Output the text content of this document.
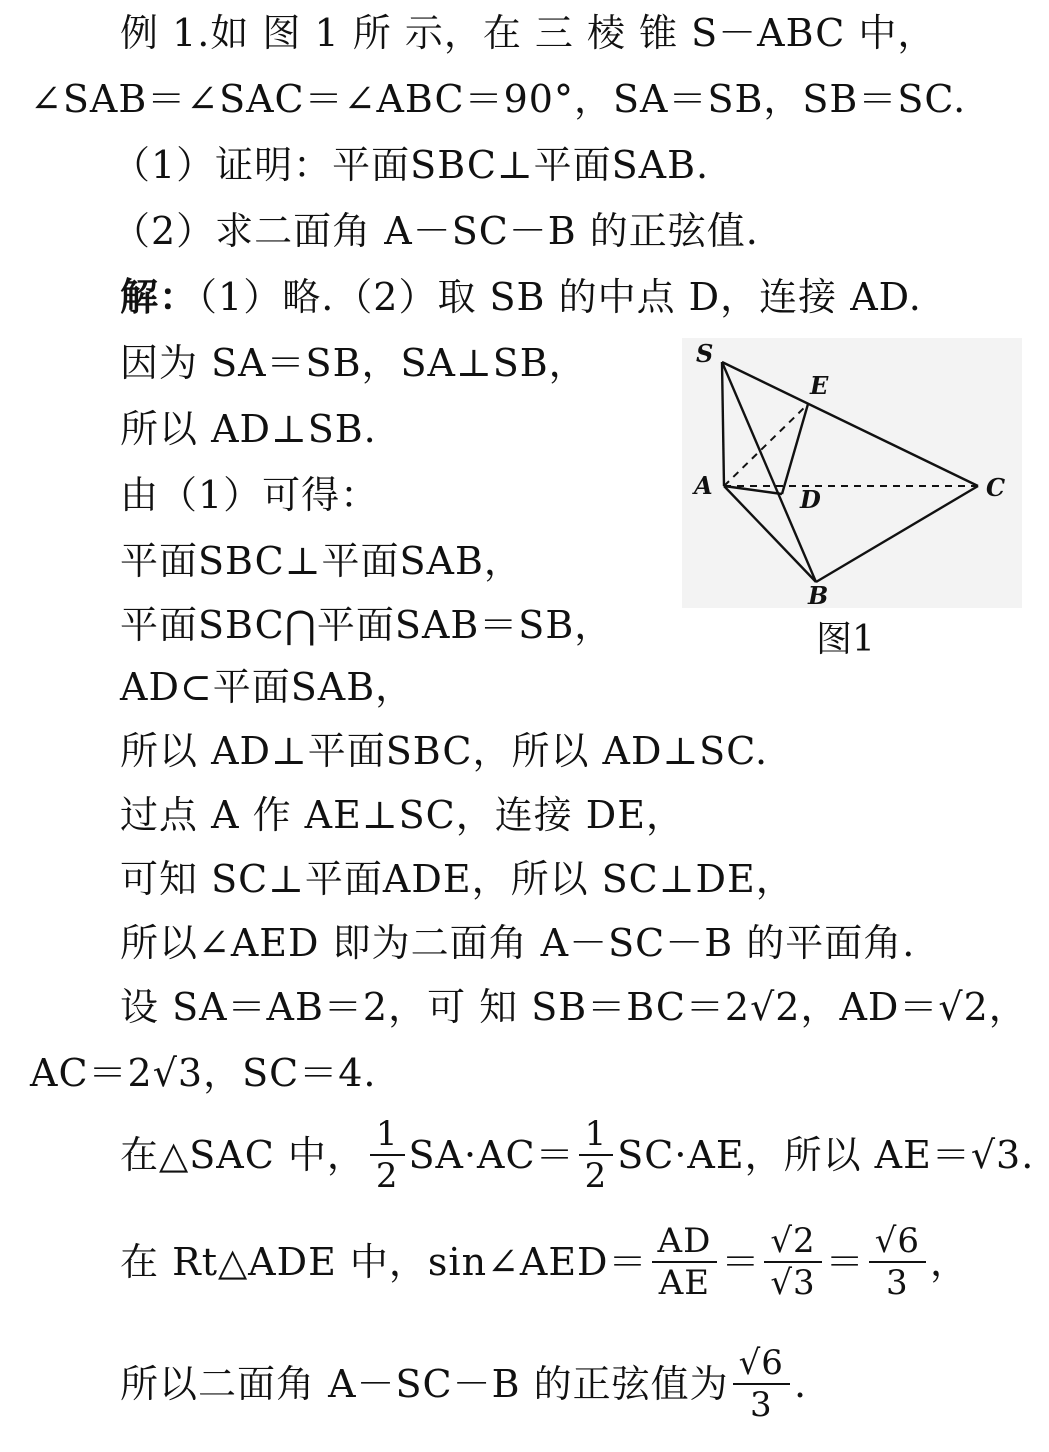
例 1.如 图 1 所 示，在 三 棱 锥 S－ABC 中，
∠SAB＝∠SAC＝∠ABC＝90°，SA＝SB，SB＝SC.
（1）证明：平面SBC⊥平面SAB.
（2）求二面角 A－SC－B 的正弦值.
解：（1）略.（2）取 SB 的中点 D，连接 AD.
因为 SA＝SB，SA⊥SB，
所以 AD⊥SB.
由（1）可得：
平面SBC⊥平面SAB，
平面SBC⋂平面SAB＝SB，
AD⊂平面SAB，
所以 AD⊥平面SBC，所以 AD⊥SC.
过点 A 作 AE⊥SC，连接 DE，
可知 SC⊥平面ADE，所以 SC⊥DE，
所以∠AED 即为二面角 A－SC－B 的平面角.
设 SA＝AB＝2，可 知 SB＝BC＝2√2，AD＝√2，
AC＝2√3，SC＝4.
在△SAC 中， $\frac{1}{2} SA\cdot AC= \frac{1}{2} SC\cdot AE$，所以 AE＝√3.
在 Rt△ADE 中，sin∠AED＝ $\frac{AD}{AE} = \frac{√2}{√3} = \frac{√6}{3}$ ，
所以二面角 A－SC－B 的正弦值为 $\frac{√6}{3}$ .
S
E
A	D	C
B
图1
